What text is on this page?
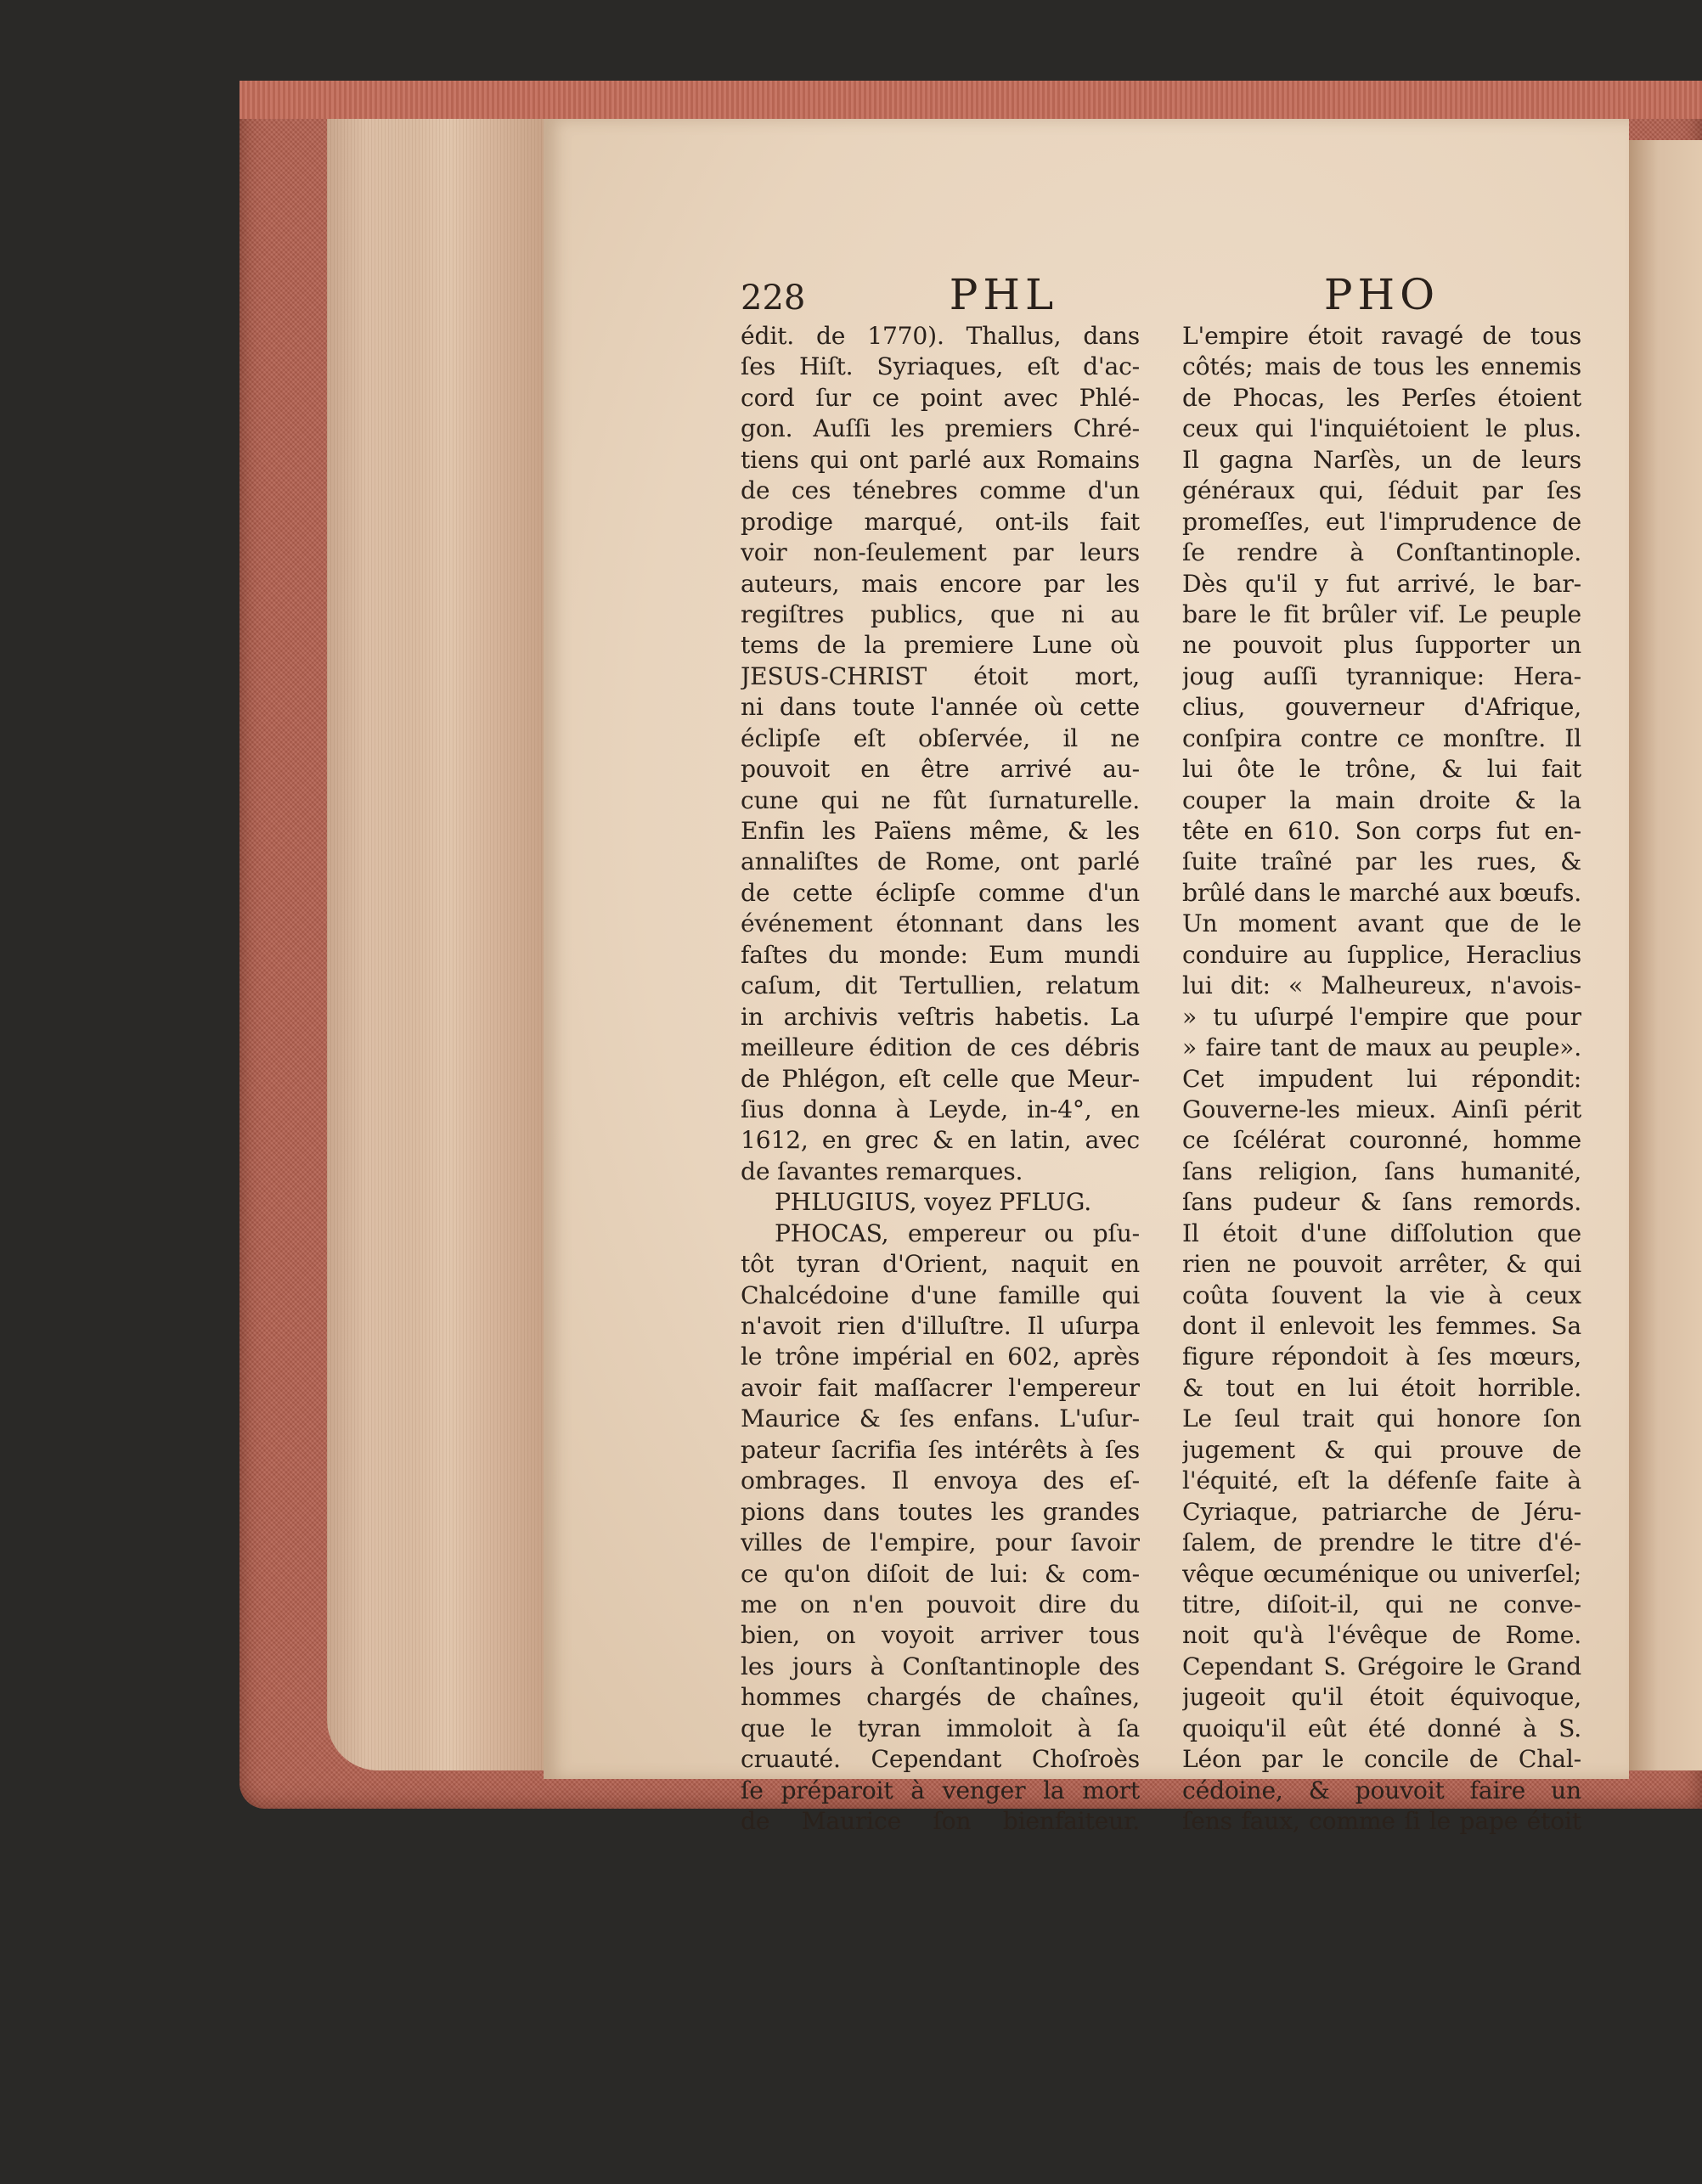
228	PHL	PHO
édit. de 1770). Thallus, dans
ſes Hiſt. Syriaques, eſt d'ac-
cord ſur ce point avec Phlé-
gon. Auſſi les premiers Chré-
tiens qui ont parlé aux Romains
de ces ténebres comme d'un
prodige marqué, ont-ils fait
voir non-ſeulement par leurs
auteurs, mais encore par les
regiſtres publics, que ni au
tems de la premiere Lune où
JESUS-CHRIST étoit mort,
ni dans toute l'année où cette
éclipſe eſt obſervée, il ne
pouvoit en être arrivé au-
cune qui ne fût ſurnaturelle.
Enfin les Païens même, & les
annaliſtes de Rome, ont parlé
de cette éclipſe comme d'un
événement étonnant dans les
faſtes du monde: Eum mundi
caſum, dit Tertullien, relatum
in archivis veſtris habetis. La
meilleure édition de ces débris
de Phlégon, eſt celle que Meur-
ſius donna à Leyde, in-4°, en
1612, en grec & en latin, avec
de ſavantes remarques.
PHLUGIUS, voyez PFLUG.
PHOCAS, empereur ou pſu-
tôt tyran d'Orient, naquit en
Chalcédoine d'une famille qui
n'avoit rien d'illuſtre. Il uſurpa
le trône impérial en 602, après
avoir fait maſſacrer l'empereur
Maurice & ſes enfans. L'uſur-
pateur ſacrifia ſes intérêts à ſes
ombrages. Il envoya des eſ-
pions dans toutes les grandes
villes de l'empire, pour ſavoir
ce qu'on diſoit de lui: & com-
me on n'en pouvoit dire du
bien, on voyoit arriver tous
les jours à Conſtantinople des
hommes chargés de chaînes,
que le tyran immoloit à ſa
cruauté. Cependant Choſroès
ſe préparoit à venger la mort
de Maurice ſon bienfaiteur.
L'empire étoit ravagé de tous
côtés; mais de tous les ennemis
de Phocas, les Perſes étoient
ceux qui l'inquiétoient le plus.
Il gagna Narſès, un de leurs
généraux qui, ſéduit par ſes
promeſſes, eut l'imprudence de
ſe rendre à Conſtantinople.
Dès qu'il y fut arrivé, le bar-
bare le fit brûler vif. Le peuple
ne pouvoit plus ſupporter un
joug auſſi tyrannique: Hera-
clius, gouverneur d'Afrique,
conſpira contre ce monſtre. Il
lui ôte le trône, & lui fait
couper la main droite & la
tête en 610. Son corps fut en-
ſuite traîné par les rues, &
brûlé dans le marché aux bœufs.
Un moment avant que de le
conduire au ſupplice, Heraclius
lui dit: « Malheureux, n'avois-
» tu uſurpé l'empire que pour
» faire tant de maux au peuple».
Cet impudent lui répondit:
Gouverne-les mieux. Ainſi périt
ce ſcélérat couronné, homme
ſans religion, ſans humanité,
ſans pudeur & ſans remords.
Il étoit d'une diſſolution que
rien ne pouvoit arrêter, & qui
coûta ſouvent la vie à ceux
dont il enlevoit les femmes. Sa
figure répondoit à ſes mœurs,
& tout en lui étoit horrible.
Le ſeul trait qui honore ſon
jugement & qui prouve de
l'équité, eſt la défenſe faite à
Cyriaque, patriarche de Jéru-
ſalem, de prendre le titre d'é-
vêque œcuménique ou univerſel;
titre, diſoit-il, qui ne conve-
noit qu'à l'évêque de Rome.
Cependant S. Grégoire le Grand
jugeoit qu'il étoit équivoque,
quoiqu'il eût été donné à S.
Léon par le concile de Chal-
cédoine, & pouvoit faire un
ſens faux, comme ſi le pape étoit
